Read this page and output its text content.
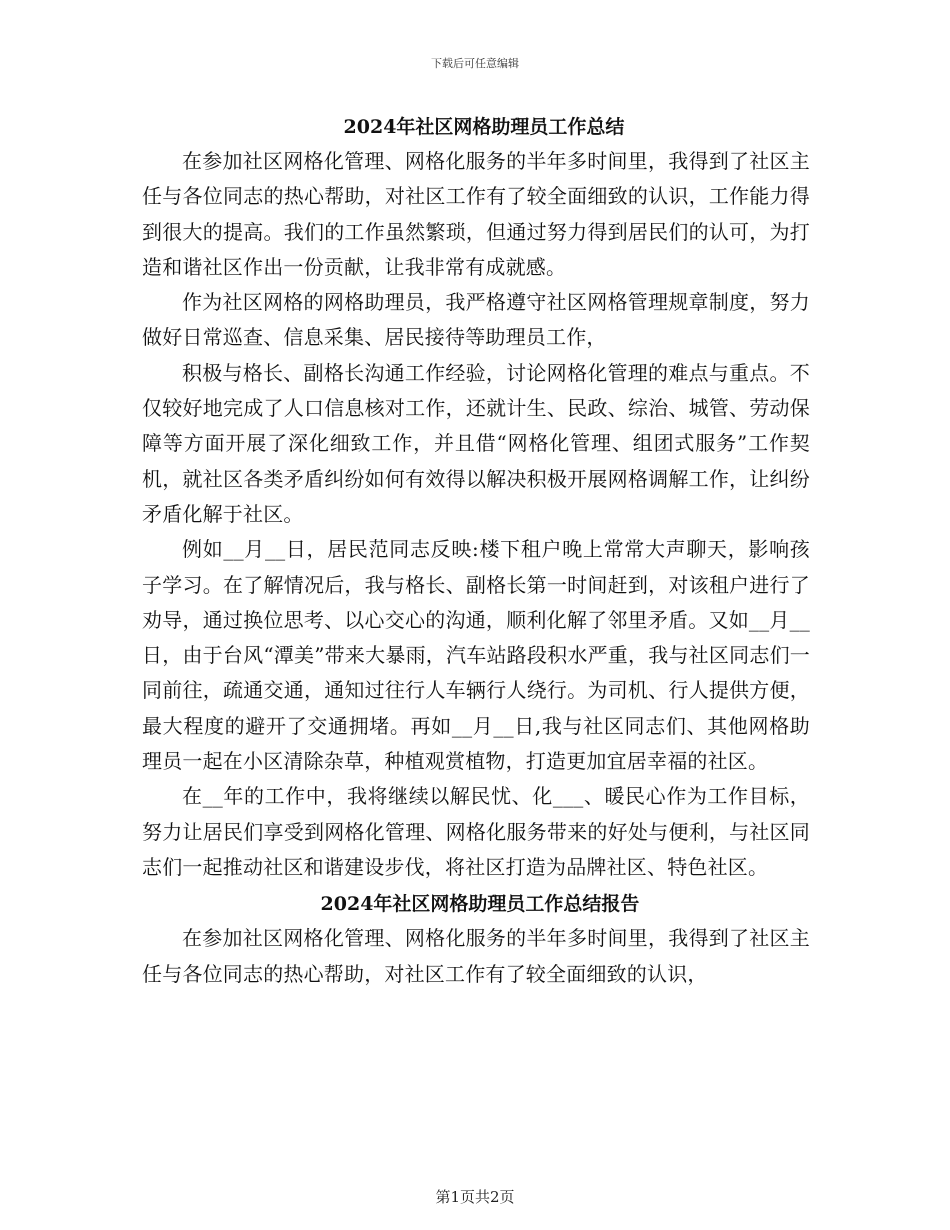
下载后可任意编辑
2024年社区网格助理员工作总结

在参加社区网格化管理、网格化服务的半年多时间里，我得到了社区主任与各位同志的热心帮助，对社区工作有了较全面细致的认识，工作能力得到很大的提高。我们的工作虽然繁琐，但通过努力得到居民们的认可，为打造和谐社区作出一份贡献，让我非常有成就感。

作为社区网格的网格助理员，我严格遵守社区网格管理规章制度，努力做好日常巡查、信息采集、居民接待等助理员工作，

积极与格长、副格长沟通工作经验，讨论网格化管理的难点与重点。不仅较好地完成了人口信息核对工作，还就计生、民政、综治、城管、劳动保障等方面开展了深化细致工作，并且借“网格化管理、组团式服务”工作契机，就社区各类矛盾纠纷如何有效得以解决积极开展网格调解工作，让纠纷矛盾化解于社区。

例如__月__日，居民范同志反映:楼下租户晚上常常大声聊天，影响孩子学习。在了解情况后，我与格长、副格长第一时间赶到，对该租户进行了劝导，通过换位思考、以心交心的沟通，顺利化解了邻里矛盾。又如__月__日，由于台风“潭美”带来大暴雨，汽车站路段积水严重，我与社区同志们一同前往，疏通交通，通知过往行人车辆行人绕行。为司机、行人提供方便，最大程度的避开了交通拥堵。再如__月__日,我与社区同志们、其他网格助理员一起在小区清除杂草，种植观赏植物，打造更加宜居幸福的社区。

在__年的工作中，我将继续以解民忧、化___、暖民心作为工作目标，努力让居民们享受到网格化管理、网格化服务带来的好处与便利，与社区同志们一起推动社区和谐建设步伐，将社区打造为品牌社区、特色社区。

2024年社区网格助理员工作总结报告

在参加社区网格化管理、网格化服务的半年多时间里，我得到了社区主任与各位同志的热心帮助，对社区工作有了较全面细致的认识，

第1页共2页
